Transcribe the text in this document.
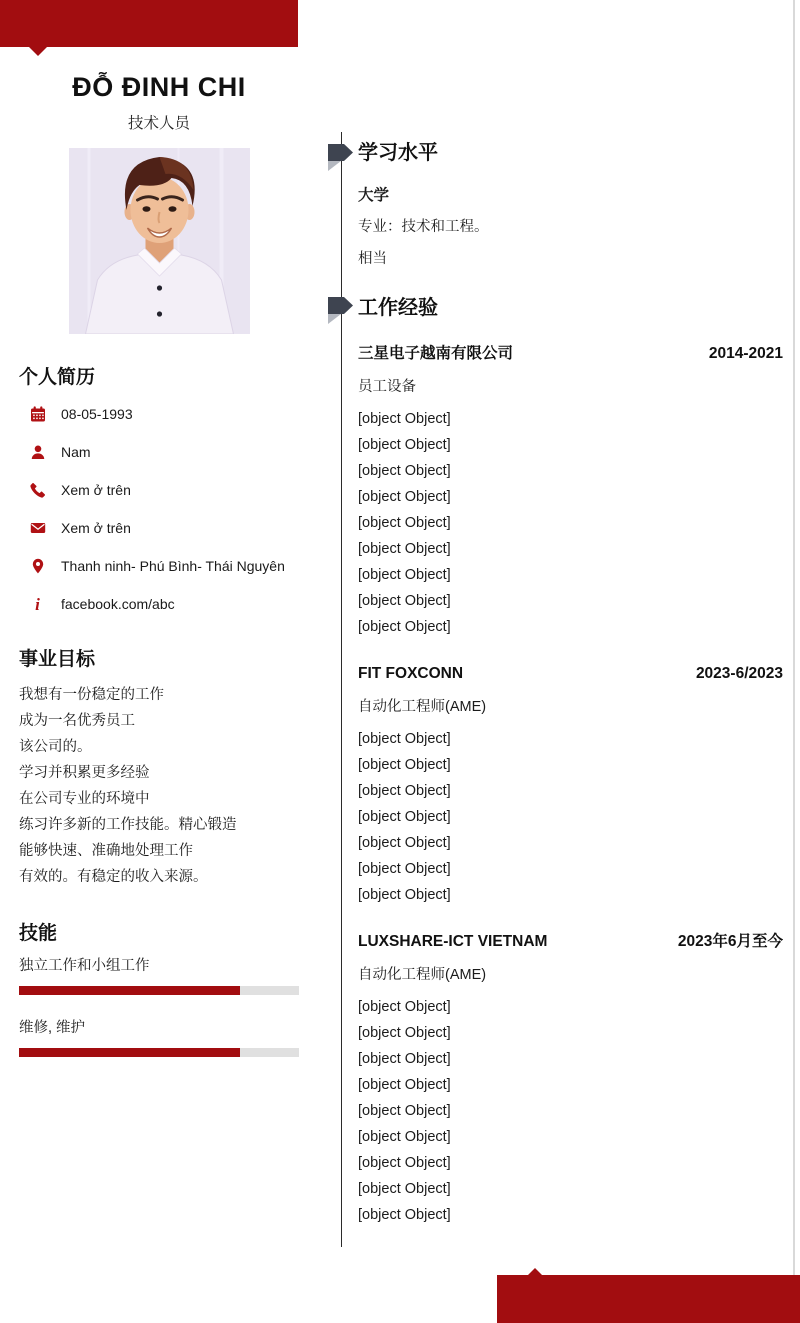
ĐỖ ĐINH CHI
技术人员
个人简历
08-05-1993
Nam
Xem ở trên
Xem ở trên
Thanh ninh- Phú Bình- Thái Nguyên
i facebook.com/abc
事业目标
我想有一份稳定的工作
成为一名优秀员工
该公司的。
学习并积累更多经验
在公司专业的环境中
练习许多新的工作技能。精心锻造
能够快速、准确地处理工作
有效的。有稳定的收入来源。
技能
独立工作和小组工作
维修, 维护
学习水平
大学
专业：技术和工程。
相当
工作经验
三星电子越南有限公司	2014-2021
员工设备
[object Object]
[object Object]
[object Object]
[object Object]
[object Object]
[object Object]
[object Object]
[object Object]
[object Object]
FIT FOXCONN	2023-6/2023
自动化工程师(AME)
[object Object]
[object Object]
[object Object]
[object Object]
[object Object]
[object Object]
[object Object]
LUXSHARE-ICT VIETNAM	2023年6月至今
自动化工程师(AME)
[object Object]
[object Object]
[object Object]
[object Object]
[object Object]
[object Object]
[object Object]
[object Object]
[object Object]
